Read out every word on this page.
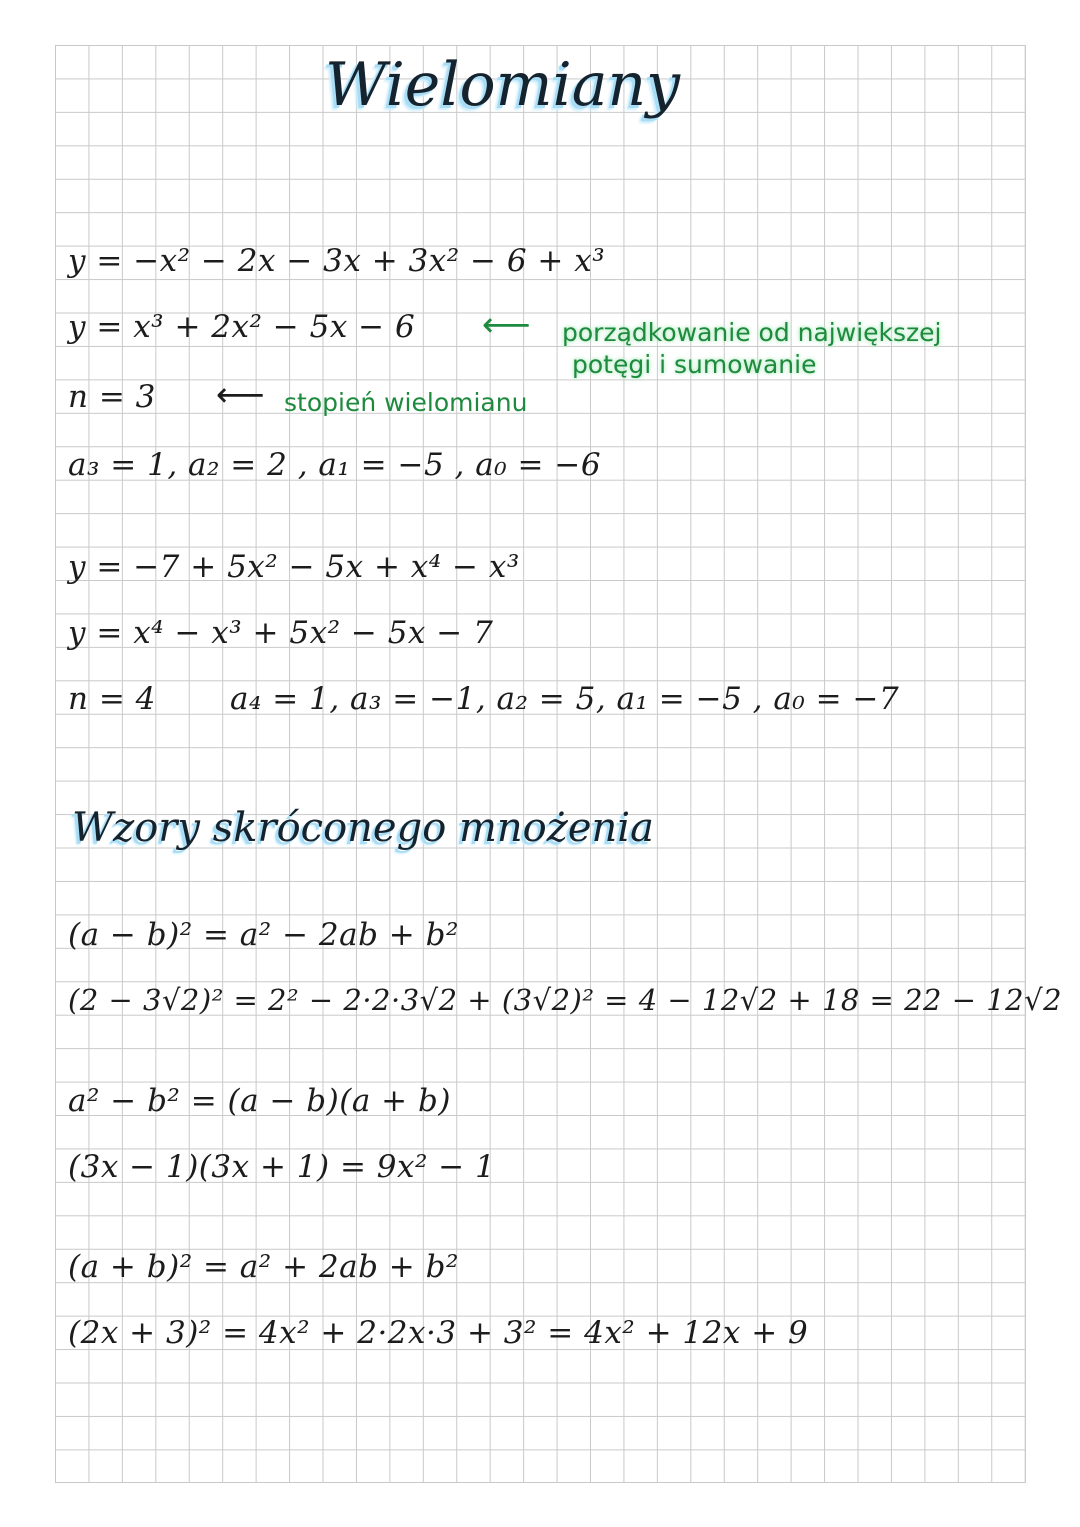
Wielomiany
y = −x² − 2x − 3x + 3x² − 6 + x³
y = x³ + 2x² − 5x − 6 ⟵ porządkowanie od największej
potęgi i sumowanie
n = 3 ⟵ stopień wielomianu
a₃ = 1, a₂ = 2 , a₁ = −5 , a₀ = −6
y = −7 + 5x² − 5x + x⁴ − x³
y = x⁴ − x³ + 5x² − 5x − 7
n = 4 a₄ = 1, a₃ = −1, a₂ = 5, a₁ = −5 , a₀ = −7
Wzory skróconego mnożenia
(a − b)² = a² − 2ab + b²
(2 − 3√2)² = 2² − 2·2·3√2 + (3√2)² = 4 − 12√2 + 18 = 22 − 12√2
a² − b² = (a − b)(a + b)
(3x − 1)(3x + 1) = 9x² − 1
(a + b)² = a² + 2ab + b²
(2x + 3)² = 4x² + 2·2x·3 + 3² = 4x² + 12x + 9
